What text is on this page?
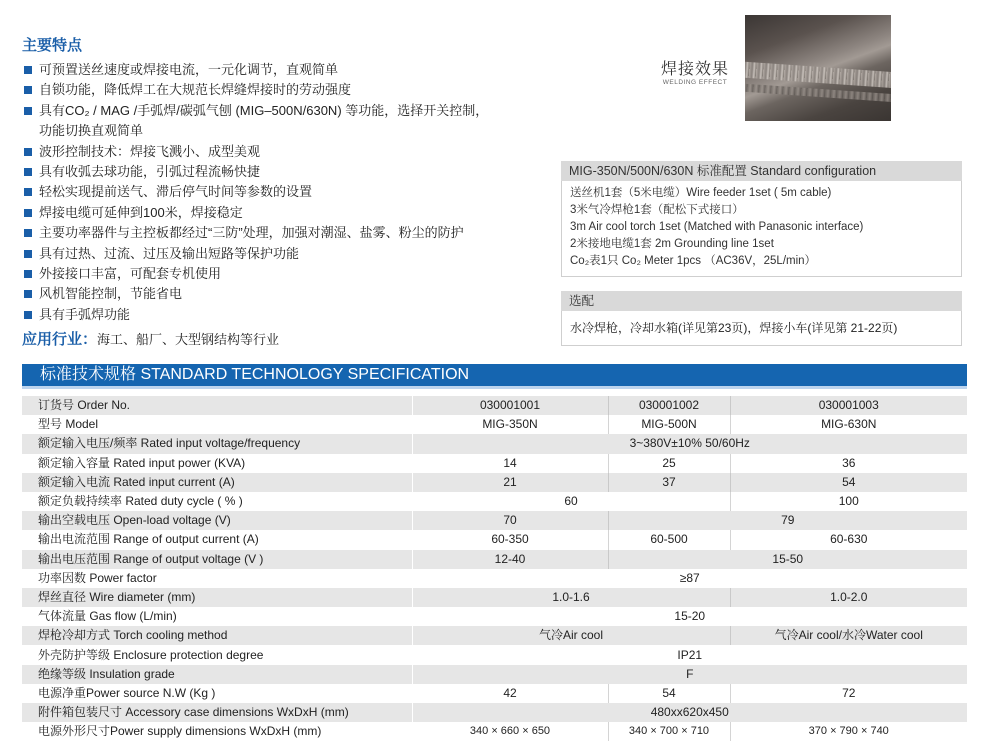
主要特点
可预置送丝速度或焊接电流，一元化调节，直观简单
自锁功能，降低焊工在大规范长焊缝焊接时的劳动强度
具有CO₂ / MAG /手弧焊/碳弧气刨 (MIG–500N/630N) 等功能，选择开关控制，
功能切换直观简单
波形控制技术：焊接飞溅小、成型美观
具有收弧去球功能，引弧过程流畅快捷
轻松实现提前送气、滞后停气时间等参数的设置
焊接电缆可延伸到100米，焊接稳定
主要功率器件与主控板都经过“三防”处理，加强对潮湿、盐雾、粉尘的防护
具有过热、过流、过压及输出短路等保护功能
外接接口丰富，可配套专机使用
风机智能控制，节能省电
具有手弧焊功能
应用行业：海工、船厂、大型钢结构等行业
焊接效果
WELDING EFFECT
MIG-350N/500N/630N 标准配置 Standard configuration
送丝机1套（5米电缆）Wire feeder 1set ( 5m cable)
3米气冷焊枪1套（配松下式接口）
3m Air cool torch 1set (Matched with Panasonic interface)
2米接地电缆1套 2m Grounding line 1set
Co₂表1只 Co₂ Meter 1pcs （AC36V，25L/min）
选配
水冷焊枪，冷却水箱(详见第23页)，焊接小车(详见第 21-22页)
标准技术规格 STANDARD TECHNOLOGY SPECIFICATION
订货号 Order No.	030001001	030001002	030001003
型号 Model	MIG-350N	MIG-500N	MIG-630N
额定输入电压/频率 Rated input voltage/frequency	3~380V±10% 50/60Hz		
额定输入容量 Rated input power (KVA)	14	25	36
额定输入电流 Rated input current (A)	21	37	54
额定负载持续率 Rated duty cycle ( % )	60		100
输出空载电压 Open-load voltage (V)	70	79	
输出电流范围 Range of output current (A)	60-350	60-500	60-630
输出电压范围 Range of output voltage (V )	12-40	15-50	
功率因数 Power factor	≥87		
焊丝直径 Wire diameter (mm)	1.0-1.6		1.0-2.0
气体流量 Gas flow (L/min)	15-20		
焊枪冷却方式 Torch cooling method	气冷Air cool		气冷Air cool/水冷Water cool
外壳防护等级 Enclosure protection degree	IP21		
绝缘等级 Insulation grade	F		
电源净重Power source N.W (Kg )	42	54	72
附件箱包装尺寸 Accessory case dimensions WxDxH (mm)	480xx620x450		
电源外形尺寸Power supply dimensions WxDxH (mm)	340 × 660 × 650	340 × 700 × 710	370 × 790 × 740
